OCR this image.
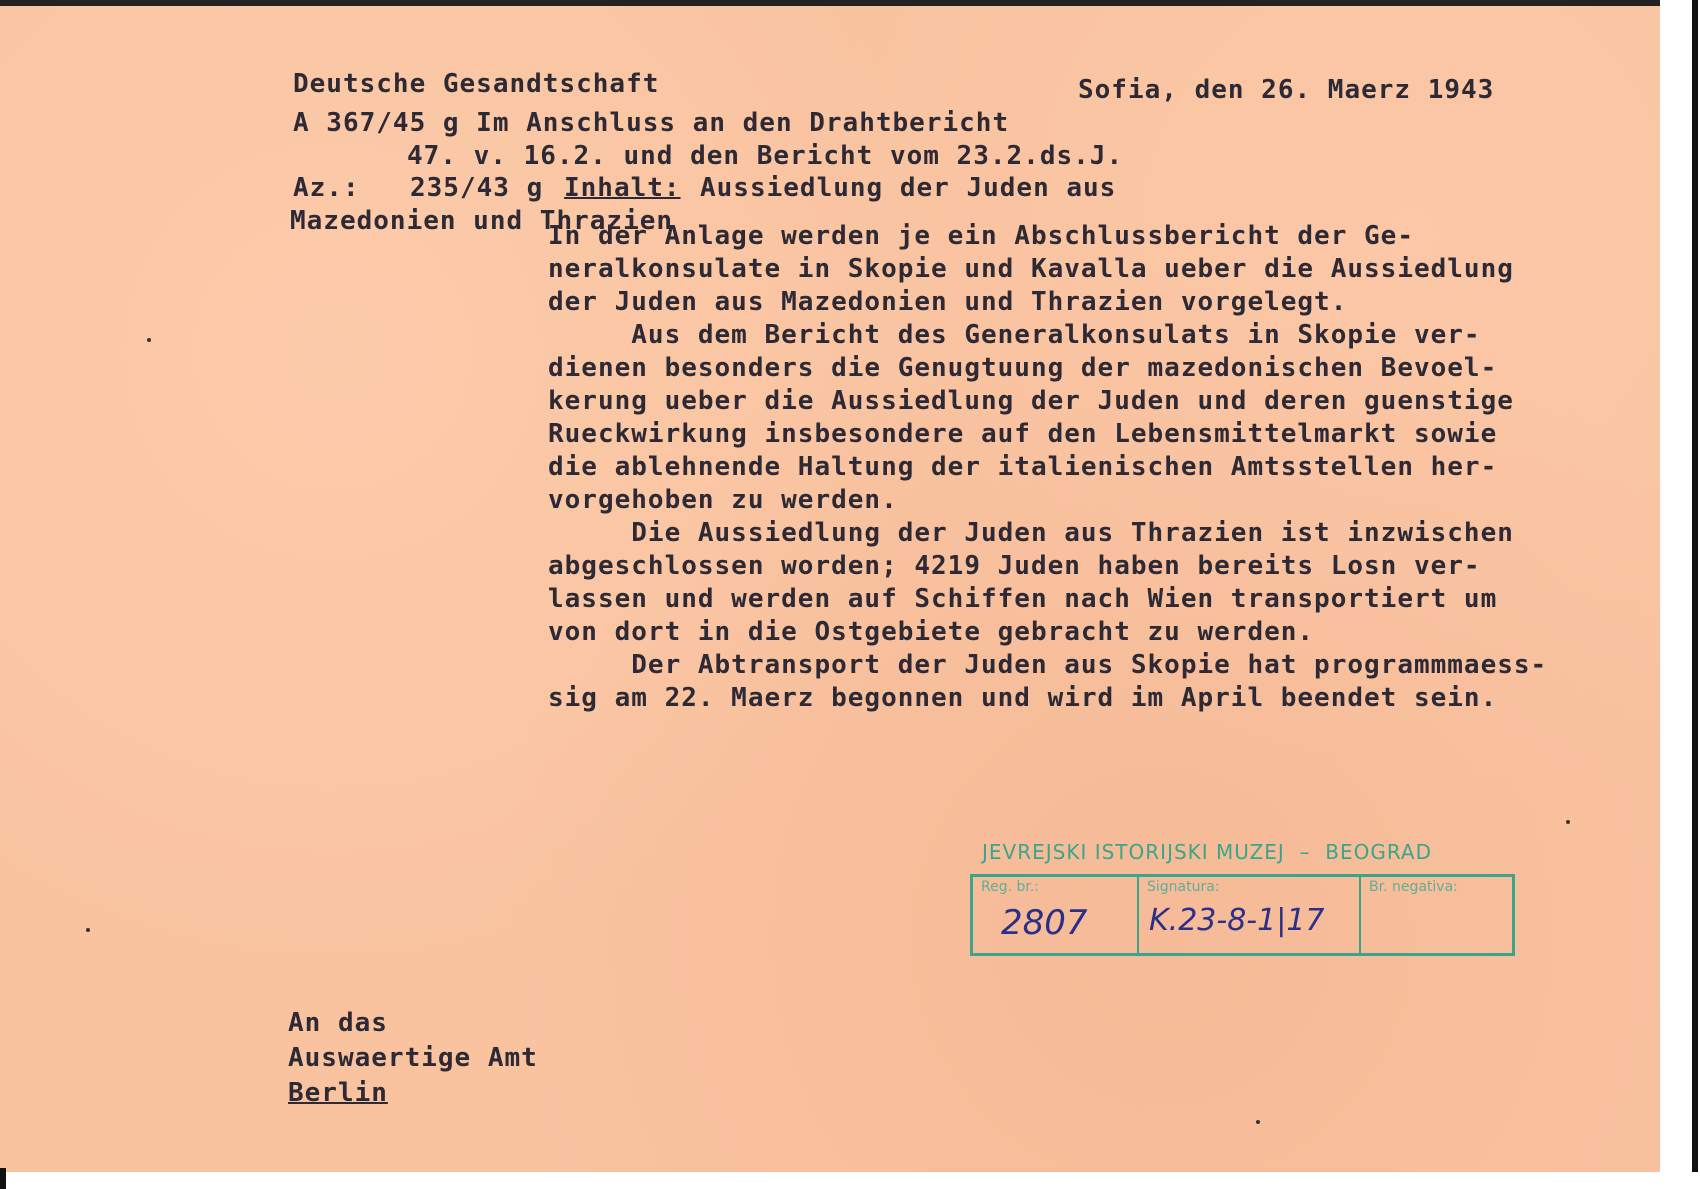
Deutsche Gesandtschaft	Sofia, den 26. Maerz 1943
A 367/45 g Im Anschluss an den Drahtbericht
47. v. 16.2. und den Bericht vom 23.2.ds.J.
Az.: 235/43 g Inhalt: Aussiedlung der Juden aus
Mazedonien und Thrazien
In der Anlage werden je ein Abschlussbericht der Ge-
neralkonsulate in Skopie und Kavalla ueber die Aussiedlung
der Juden aus Mazedonien und Thrazien vorgelegt.
Aus dem Bericht des Generalkonsulats in Skopie ver-
dienen besonders die Genugtuung der mazedonischen Bevoel-
kerung ueber die Aussiedlung der Juden und deren guenstige
Rueckwirkung insbesondere auf den Lebensmittelmarkt sowie
die ablehnende Haltung der italienischen Amtsstellen her-
vorgehoben zu werden.
Die Aussiedlung der Juden aus Thrazien ist inzwischen
abgeschlossen worden; 4219 Juden haben bereits Losn ver-
lassen und werden auf Schiffen nach Wien transportiert um
von dort in die Ostgebiete gebracht zu werden.
Der Abtransport der Juden aus Skopie hat programmmaess-
sig am 22. Maerz begonnen und wird im April beendet sein.
JEVREJSKI ISTORIJSKI MUZEJ  –  BEOGRAD
Reg. br.:
2807
Signatura:
K.23-8-1|17
Br. negativa:
An das
Auswaertige Amt
Berlin
